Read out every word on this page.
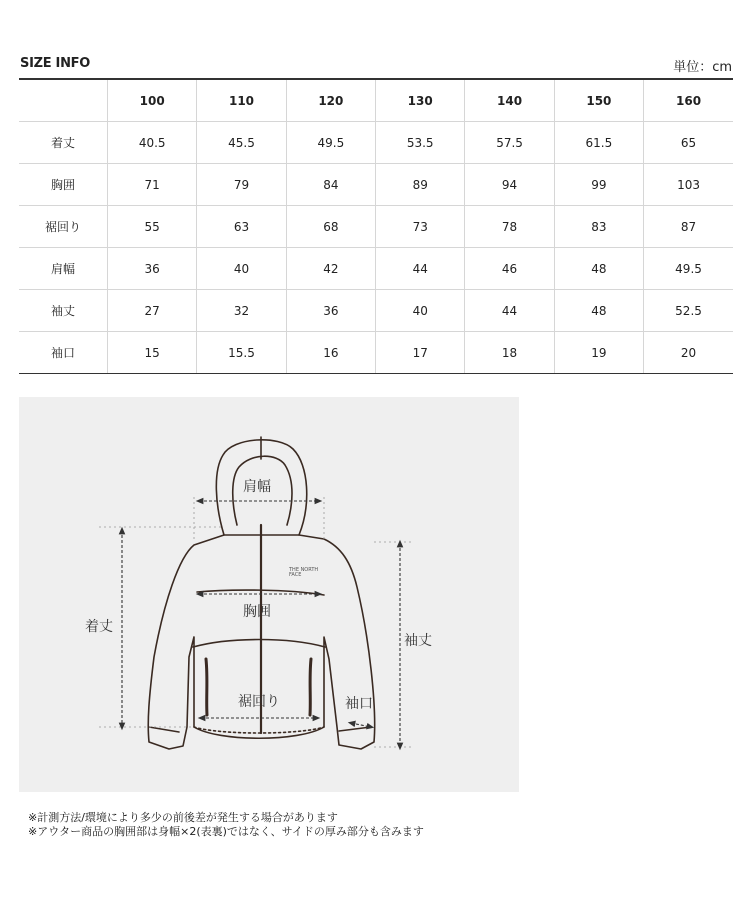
SIZE INFO	単位：cm
	100	110	120	130	140	150	160
着丈	40.5	45.5	49.5	53.5	57.5	61.5	65
胸囲	71	79	84	89	94	99	103
裾回り	55	63	68	73	78	83	87
肩幅	36	40	42	44	46	48	49.5
袖丈	27	32	36	40	44	48	52.5
袖口	15	15.5	16	17	18	19	20
肩幅
胸囲
着丈
袖丈
裾回り	袖口
THE NORTH FACE
※計測方法/環境により多少の前後差が発生する場合があります
※アウター商品の胸囲部は身幅×2(表裏)ではなく、サイドの厚み部分も含みます
